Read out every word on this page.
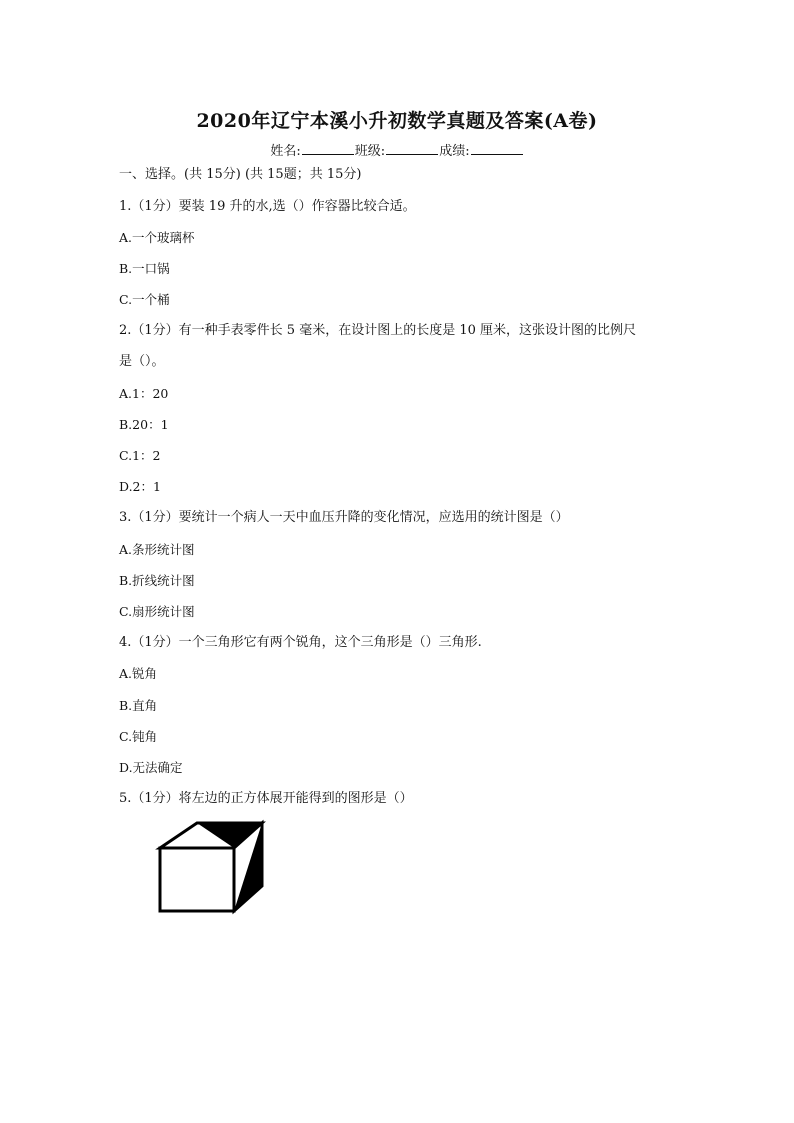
2020年辽宁本溪小升初数学真题及答案(A卷)
姓名:	班级:	成绩:
一、选择。(共 15分) (共 15题；共 15分)
1.（1分）要装 19 升的水,选（）作容器比较合适。
A.一个玻璃杯
B.一口锅
C.一个桶
2.（1分）有一种手表零件长 5 毫米，在设计图上的长度是 10 厘米，这张设计图的比例尺
是（）。
A.1：20
B.20：1
C.1：2
D.2：1
3.（1分）要统计一个病人一天中血压升降的变化情况，应选用的统计图是（）
A.条形统计图
B.折线统计图
C.扇形统计图
4.（1分）一个三角形它有两个锐角，这个三角形是（）三角形.
A.锐角
B.直角
C.钝角
D.无法确定
5.（1分）将左边的正方体展开能得到的图形是（）
